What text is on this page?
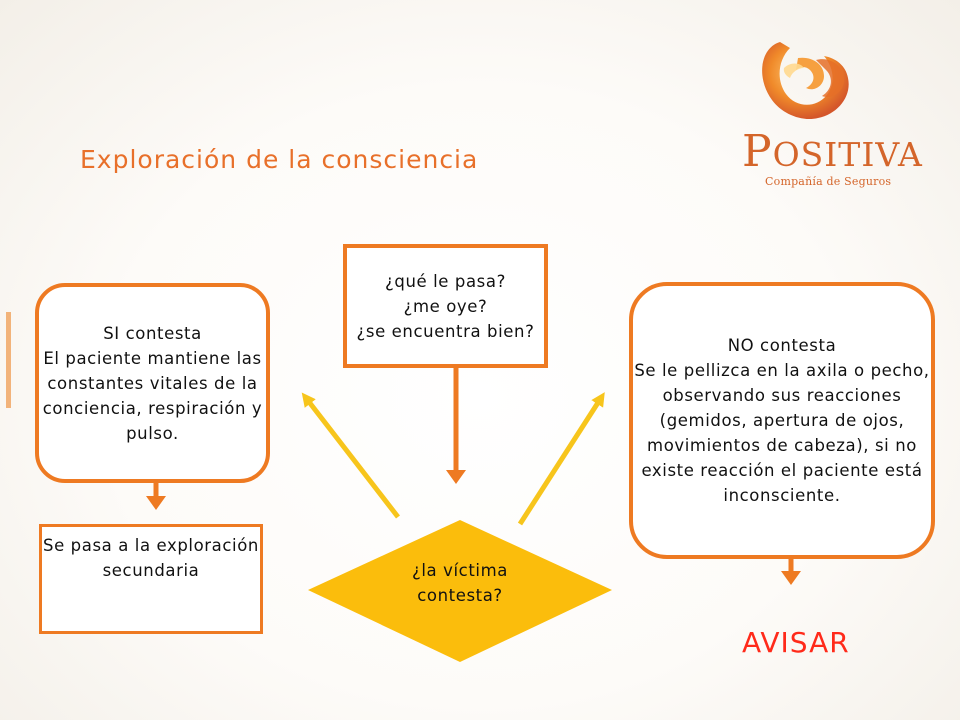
Exploración de la consciencia	POSITIVA
Compañía de Seguros
¿qué le pasa?
¿me oye?
¿se encuentra bien?
SI contesta
El paciente mantiene las constantes vitales de la conciencia, respiración y pulso.
NO contesta
Se le pellizca en la axila o pecho, observando sus reacciones (gemidos, apertura de ojos, movimientos de cabeza), si no existe reacción el paciente está inconsciente.
Se pasa a la exploración secundaria	¿la víctima
contesta?
AVISAR
